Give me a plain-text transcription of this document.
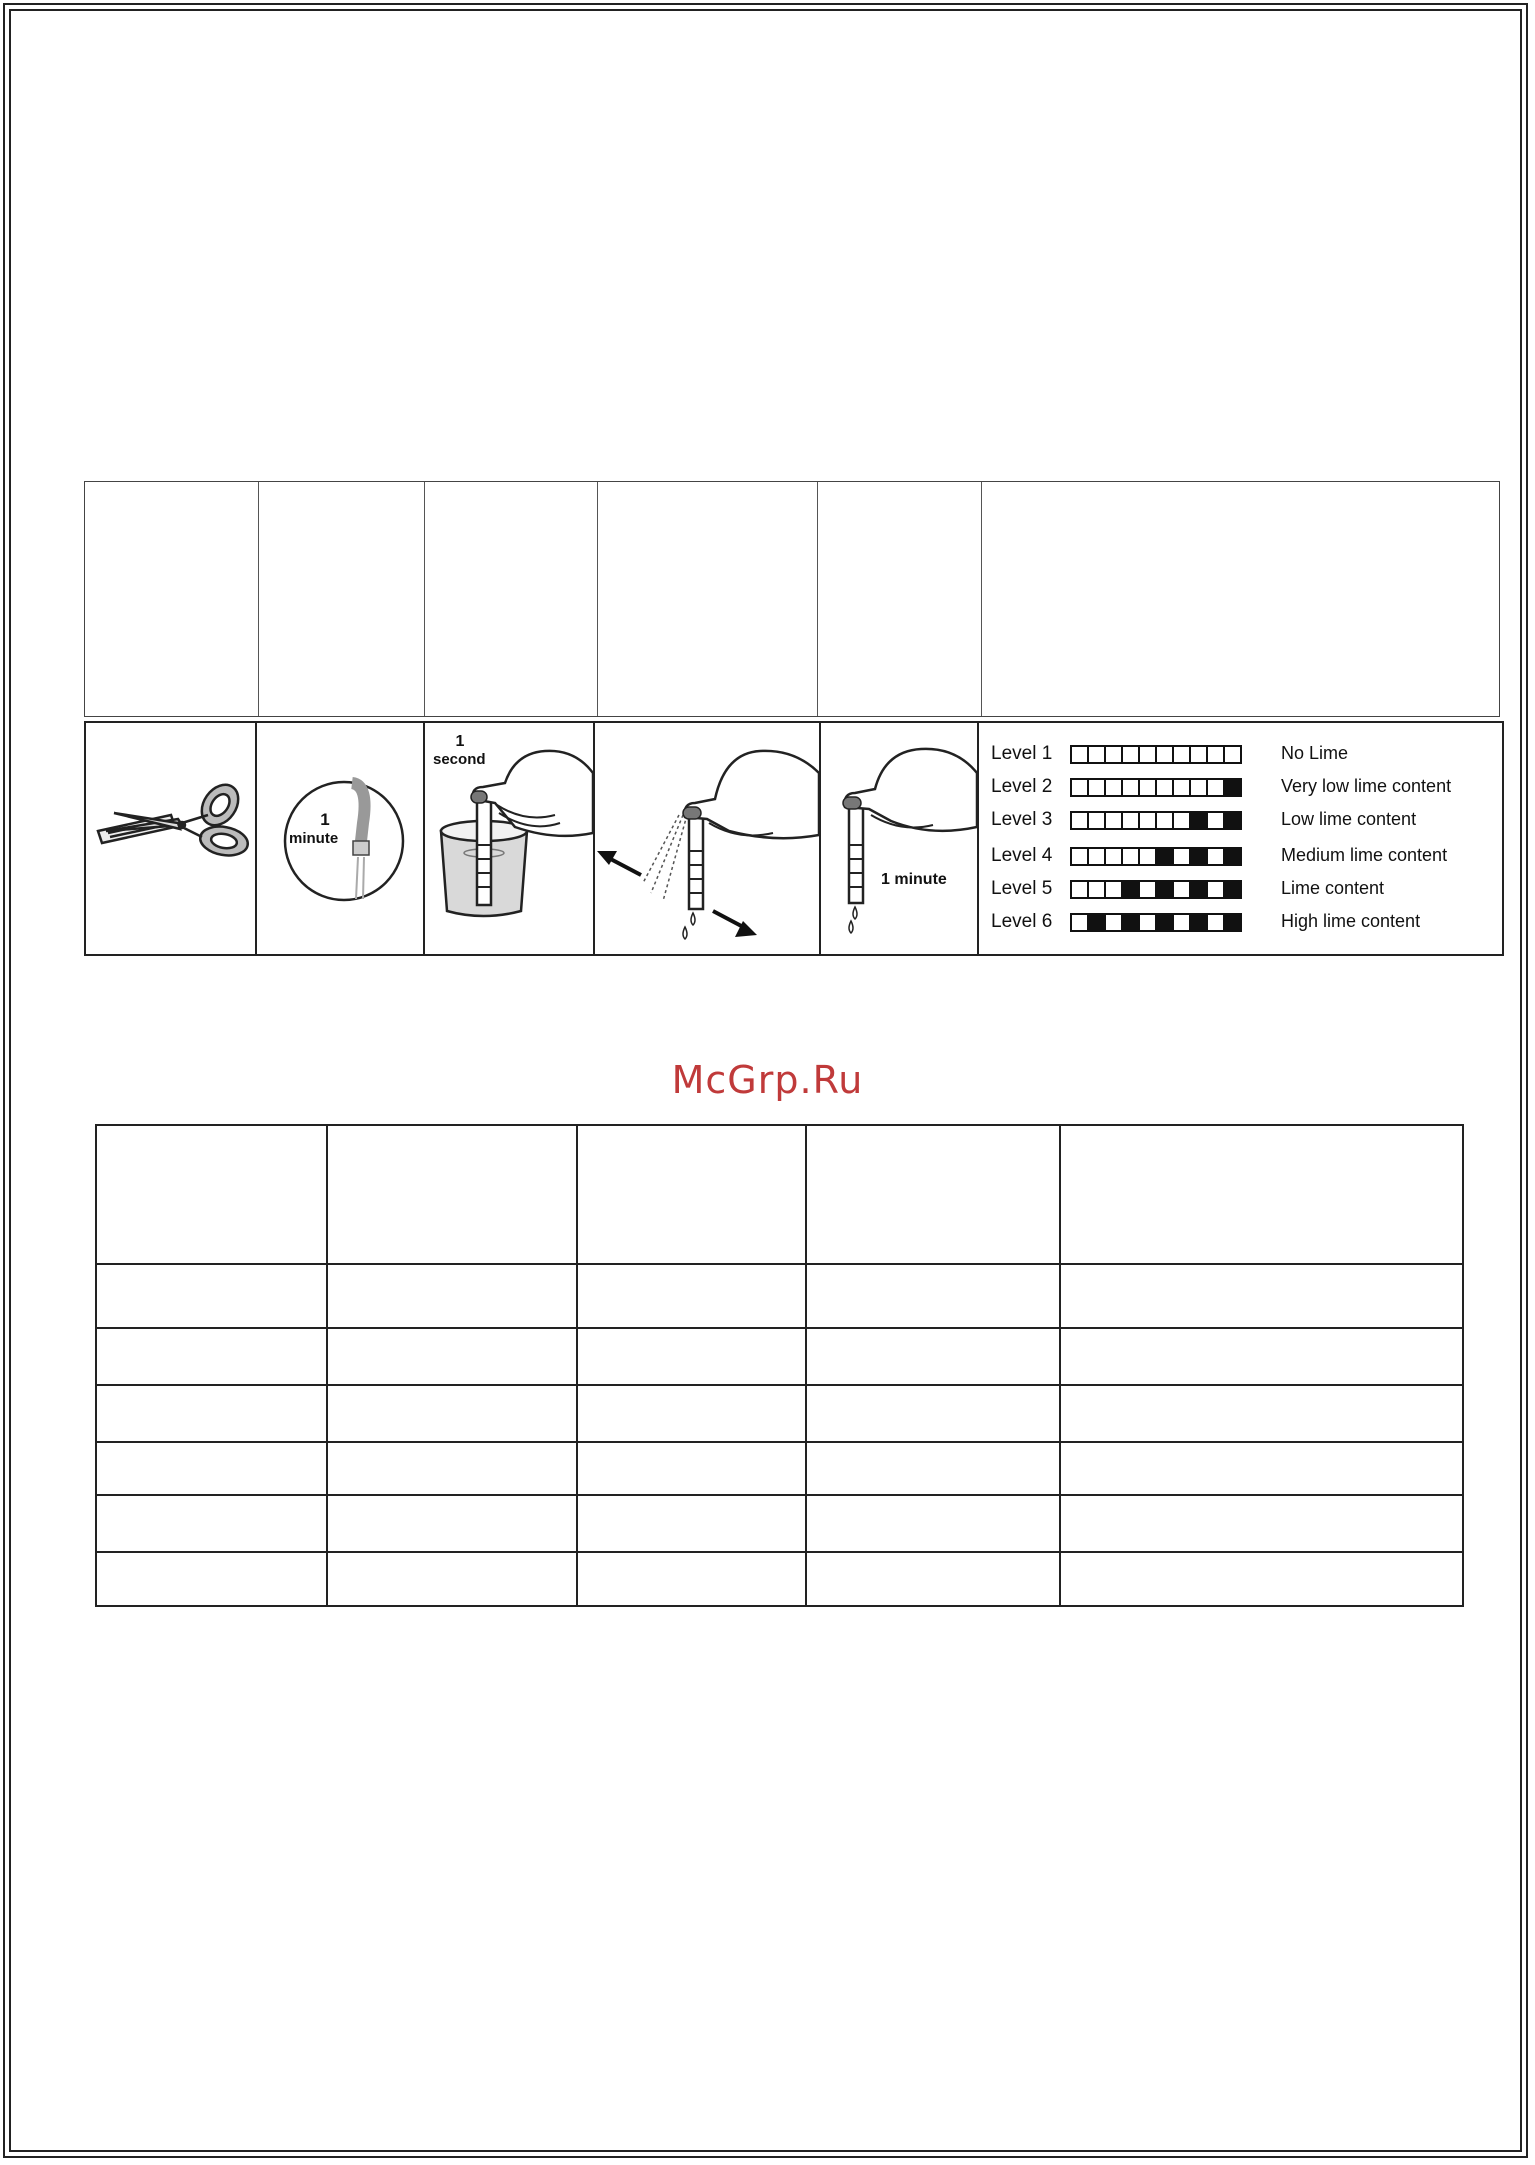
1
minute
1
second
1 minute
Level 1	No Lime
Level 2	Very low lime content
Level 3	Low lime content
Level 4	Medium lime content
Level 5	Lime content
Level 6	High lime content
McGrp.Ru
